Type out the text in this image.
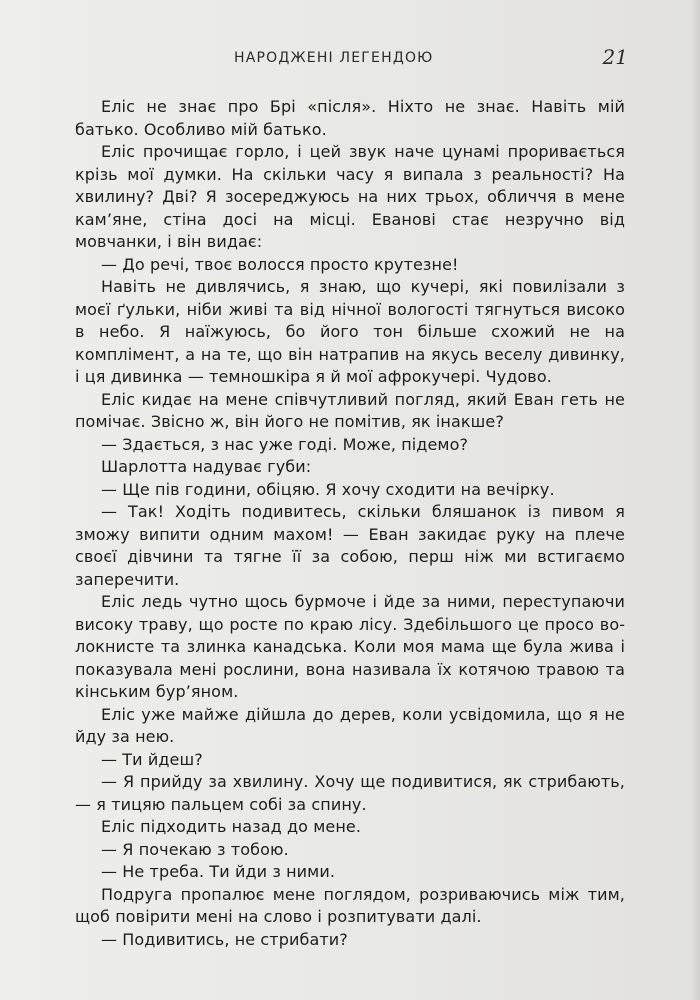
НАРОДЖЕНІ ЛЕГЕНДОЮ	21

Еліс не знає про Брі «після». Ніхто не знає. Навіть мій батько. Особливо мій батько.

Еліс прочищає горло, і цей звук наче цунамі проривається крізь мої думки. На скільки часу я випала з реальності? На хвилину? Дві? Я зосереджуюсь на них трьох, обличчя в мене кам’яне, стіна досі на місці. Евановi стає незручно від мовчанки, і він видає:

— До речі, твоє волосся просто крутезне!

Навіть не дивлячись, я знаю, що кучері, які повилізали з моєї ґульки, ніби живі та від нічної вологості тягнуться високо в небо. Я наїжуюсь, бо його тон більше схожий не на комплімент, а на те, що він натрапив на якусь веселу дивинку, і ця дивинка — темношкіра я й мої афрокучері. Чудово.

Еліс кидає на мене співчутливий погляд, який Еван геть не помічає. Звісно ж, він його не помітив, як інакше?

— Здається, з нас уже годі. Може, підемо?

Шарлотта надуває губи:

— Ще пів години, обіцяю. Я хочу сходити на вечірку.

— Так! Ходіть подивитесь, скільки бляшанок із пивом я зможу випити одним махом! — Еван закидає руку на плече своєї дівчини та тягне її за собою, перш ніж ми встигаємо заперечити.

Еліс ледь чутно щось бурмоче і йде за ними, переступаючи високу траву, що росте по краю лісу. Здебільшого це просо волокнисте та злинка канадська. Коли моя мама ще була жива і показувала мені рослини, вона називала їх котячою травою та кінським бур’яном.

Еліс уже майже дійшла до дерев, коли усвідомила, що я не йду за нею.

— Ти йдеш?

— Я прийду за хвилину. Хочу ще подивитися, як стрибають, — я тицяю пальцем собі за спину.

Еліс підходить назад до мене.

— Я почекаю з тобою.

— Не треба. Ти йди з ними.

Подруга пропалює мене поглядом, розриваючись між тим, щоб повірити мені на слово і розпитувати далі.

— Подивитись, не стрибати?
